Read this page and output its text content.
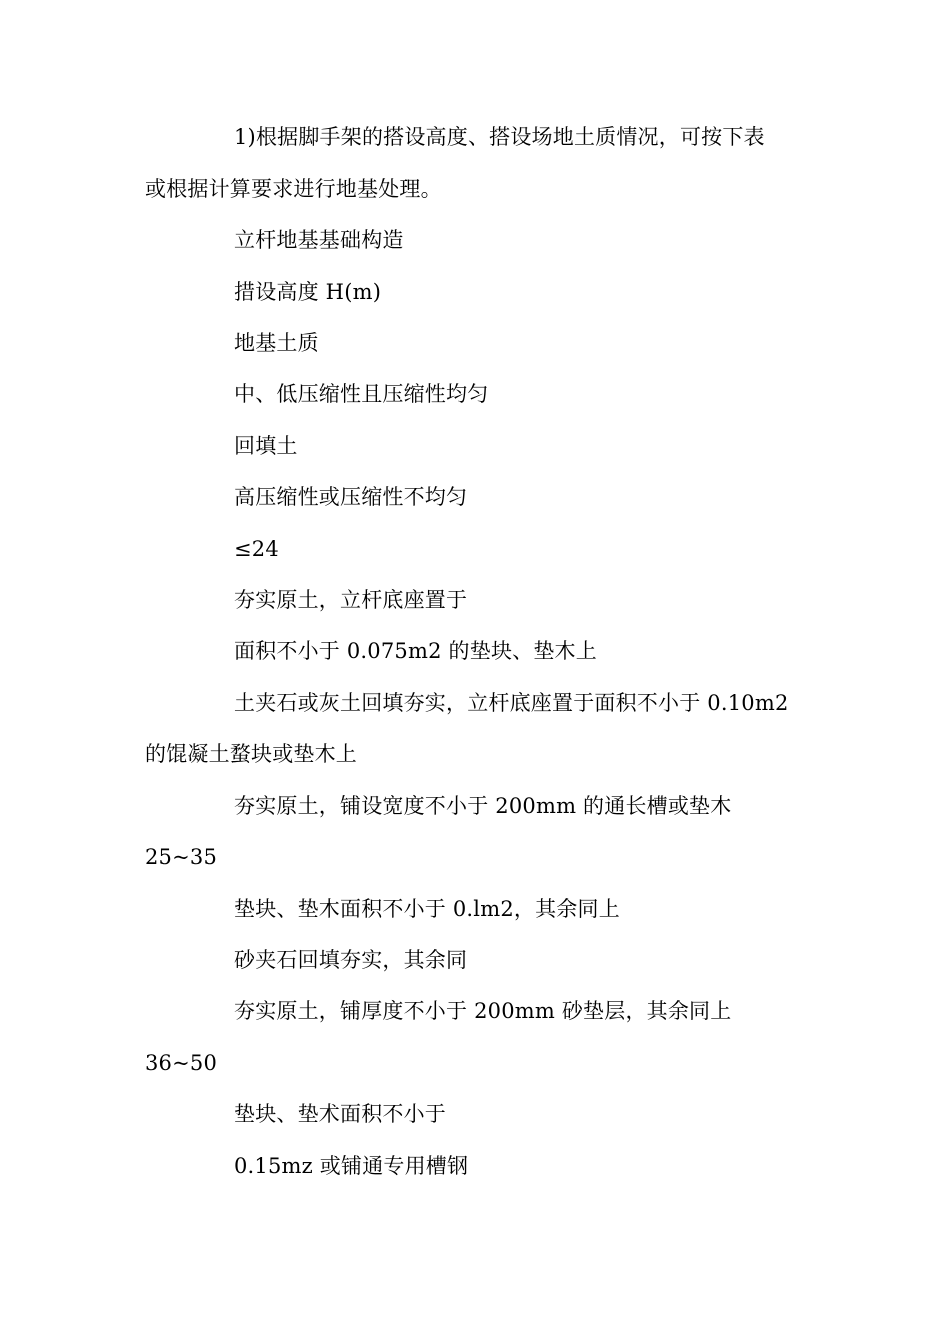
1)根据脚手架的搭设高度、搭设场地土质情况，可按下表
或根据计算要求进行地基处理。
立杆地基基础构造
措设高度 H(m)
地基土质
中、低压缩性且压缩性均匀
回填土
高压缩性或压缩性不均匀
≤24
夯实原土，立杆底座置于
面积不小于 0.075m2 的垫块、垫木上
土夹石或灰土回填夯实，立杆底座置于面积不小于 0.10m2
的馄凝土蝥块或垫木上
夯实原土，铺设宽度不小于 200mm 的通长槽或垫木
25~35
垫块、垫木面积不小于 0.lm2，其余同上
砂夹石回填夯实，其余同
夯实原土，铺厚度不小于 200mm 砂垫层，其余同上
36~50
垫块、垫术面积不小于
0.15mz 或铺通专用槽钢
